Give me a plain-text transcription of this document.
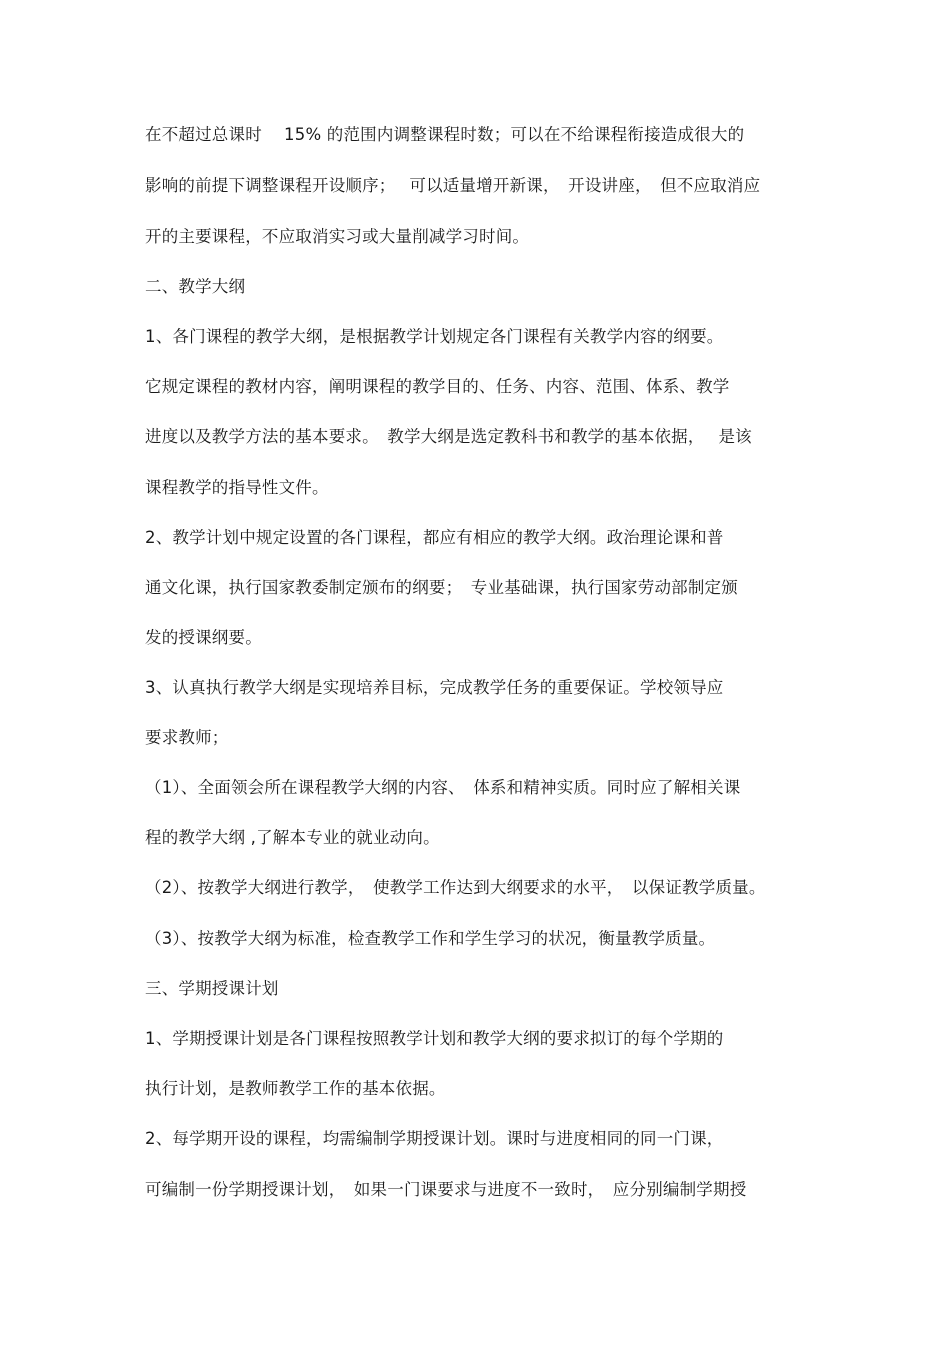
在不超过总课时　 15% 的范围内调整课程时数；可以在不给课程衔接造成很大的
影响的前提下调整课程开设顺序；　 可以适量增开新课，　开设讲座，　但不应取消应
开的主要课程，不应取消实习或大量削减学习时间。
二、教学大纲
1、各门课程的教学大纲，是根据教学计划规定各门课程有关教学内容的纲要。
它规定课程的教材内容，阐明课程的教学目的、任务、内容、范围、体系、教学
进度以及教学方法的基本要求。　教学大纲是选定教科书和教学的基本依据，　 是该
课程教学的指导性文件。
2、教学计划中规定设置的各门课程，都应有相应的教学大纲。政治理论课和普
通文化课，执行国家教委制定颁布的纲要；　专业基础课，执行国家劳动部制定颁
发的授课纲要。
3、认真执行教学大纲是实现培养目标，完成教学任务的重要保证。学校领导应
要求教师；
（1）、全面领会所在课程教学大纲的内容、　体系和精神实质。同时应了解相关课
程的教学大纲 ,了解本专业的就业动向。
（2）、按教学大纲进行教学，　使教学工作达到大纲要求的水平，　以保证教学质量。
（3）、按教学大纲为标准，检查教学工作和学生学习的状况，衡量教学质量。
三、学期授课计划
1、学期授课计划是各门课程按照教学计划和教学大纲的要求拟订的每个学期的
执行计划，是教师教学工作的基本依据。
2、每学期开设的课程，均需编制学期授课计划。课时与进度相同的同一门课，
可编制一份学期授课计划，　如果一门课要求与进度不一致时，　应分别编制学期授
